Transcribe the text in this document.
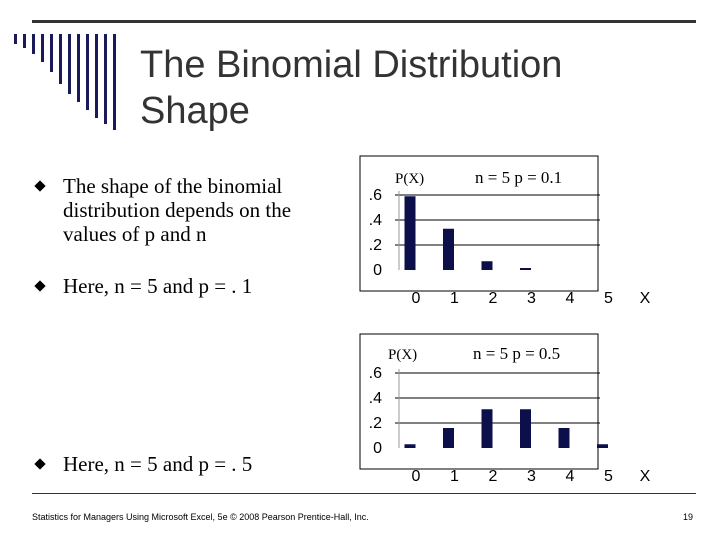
The Binomial Distribution
Shape
The shape of the binomial distribution depends on the values of p and n
Here, n = 5 and p = . 1
Here, n = 5 and p = . 5
.6
.4
.2
0
0 1 2 3 4 5 X
P(X)	n = 5 p = 0.1
.6
.4
.2
0
0 1 2 3 4 5 X
P(X)	n = 5 p = 0.5
Statistics for Managers Using Microsoft Excel, 5e © 2008 Pearson Prentice-Hall, Inc.	19
